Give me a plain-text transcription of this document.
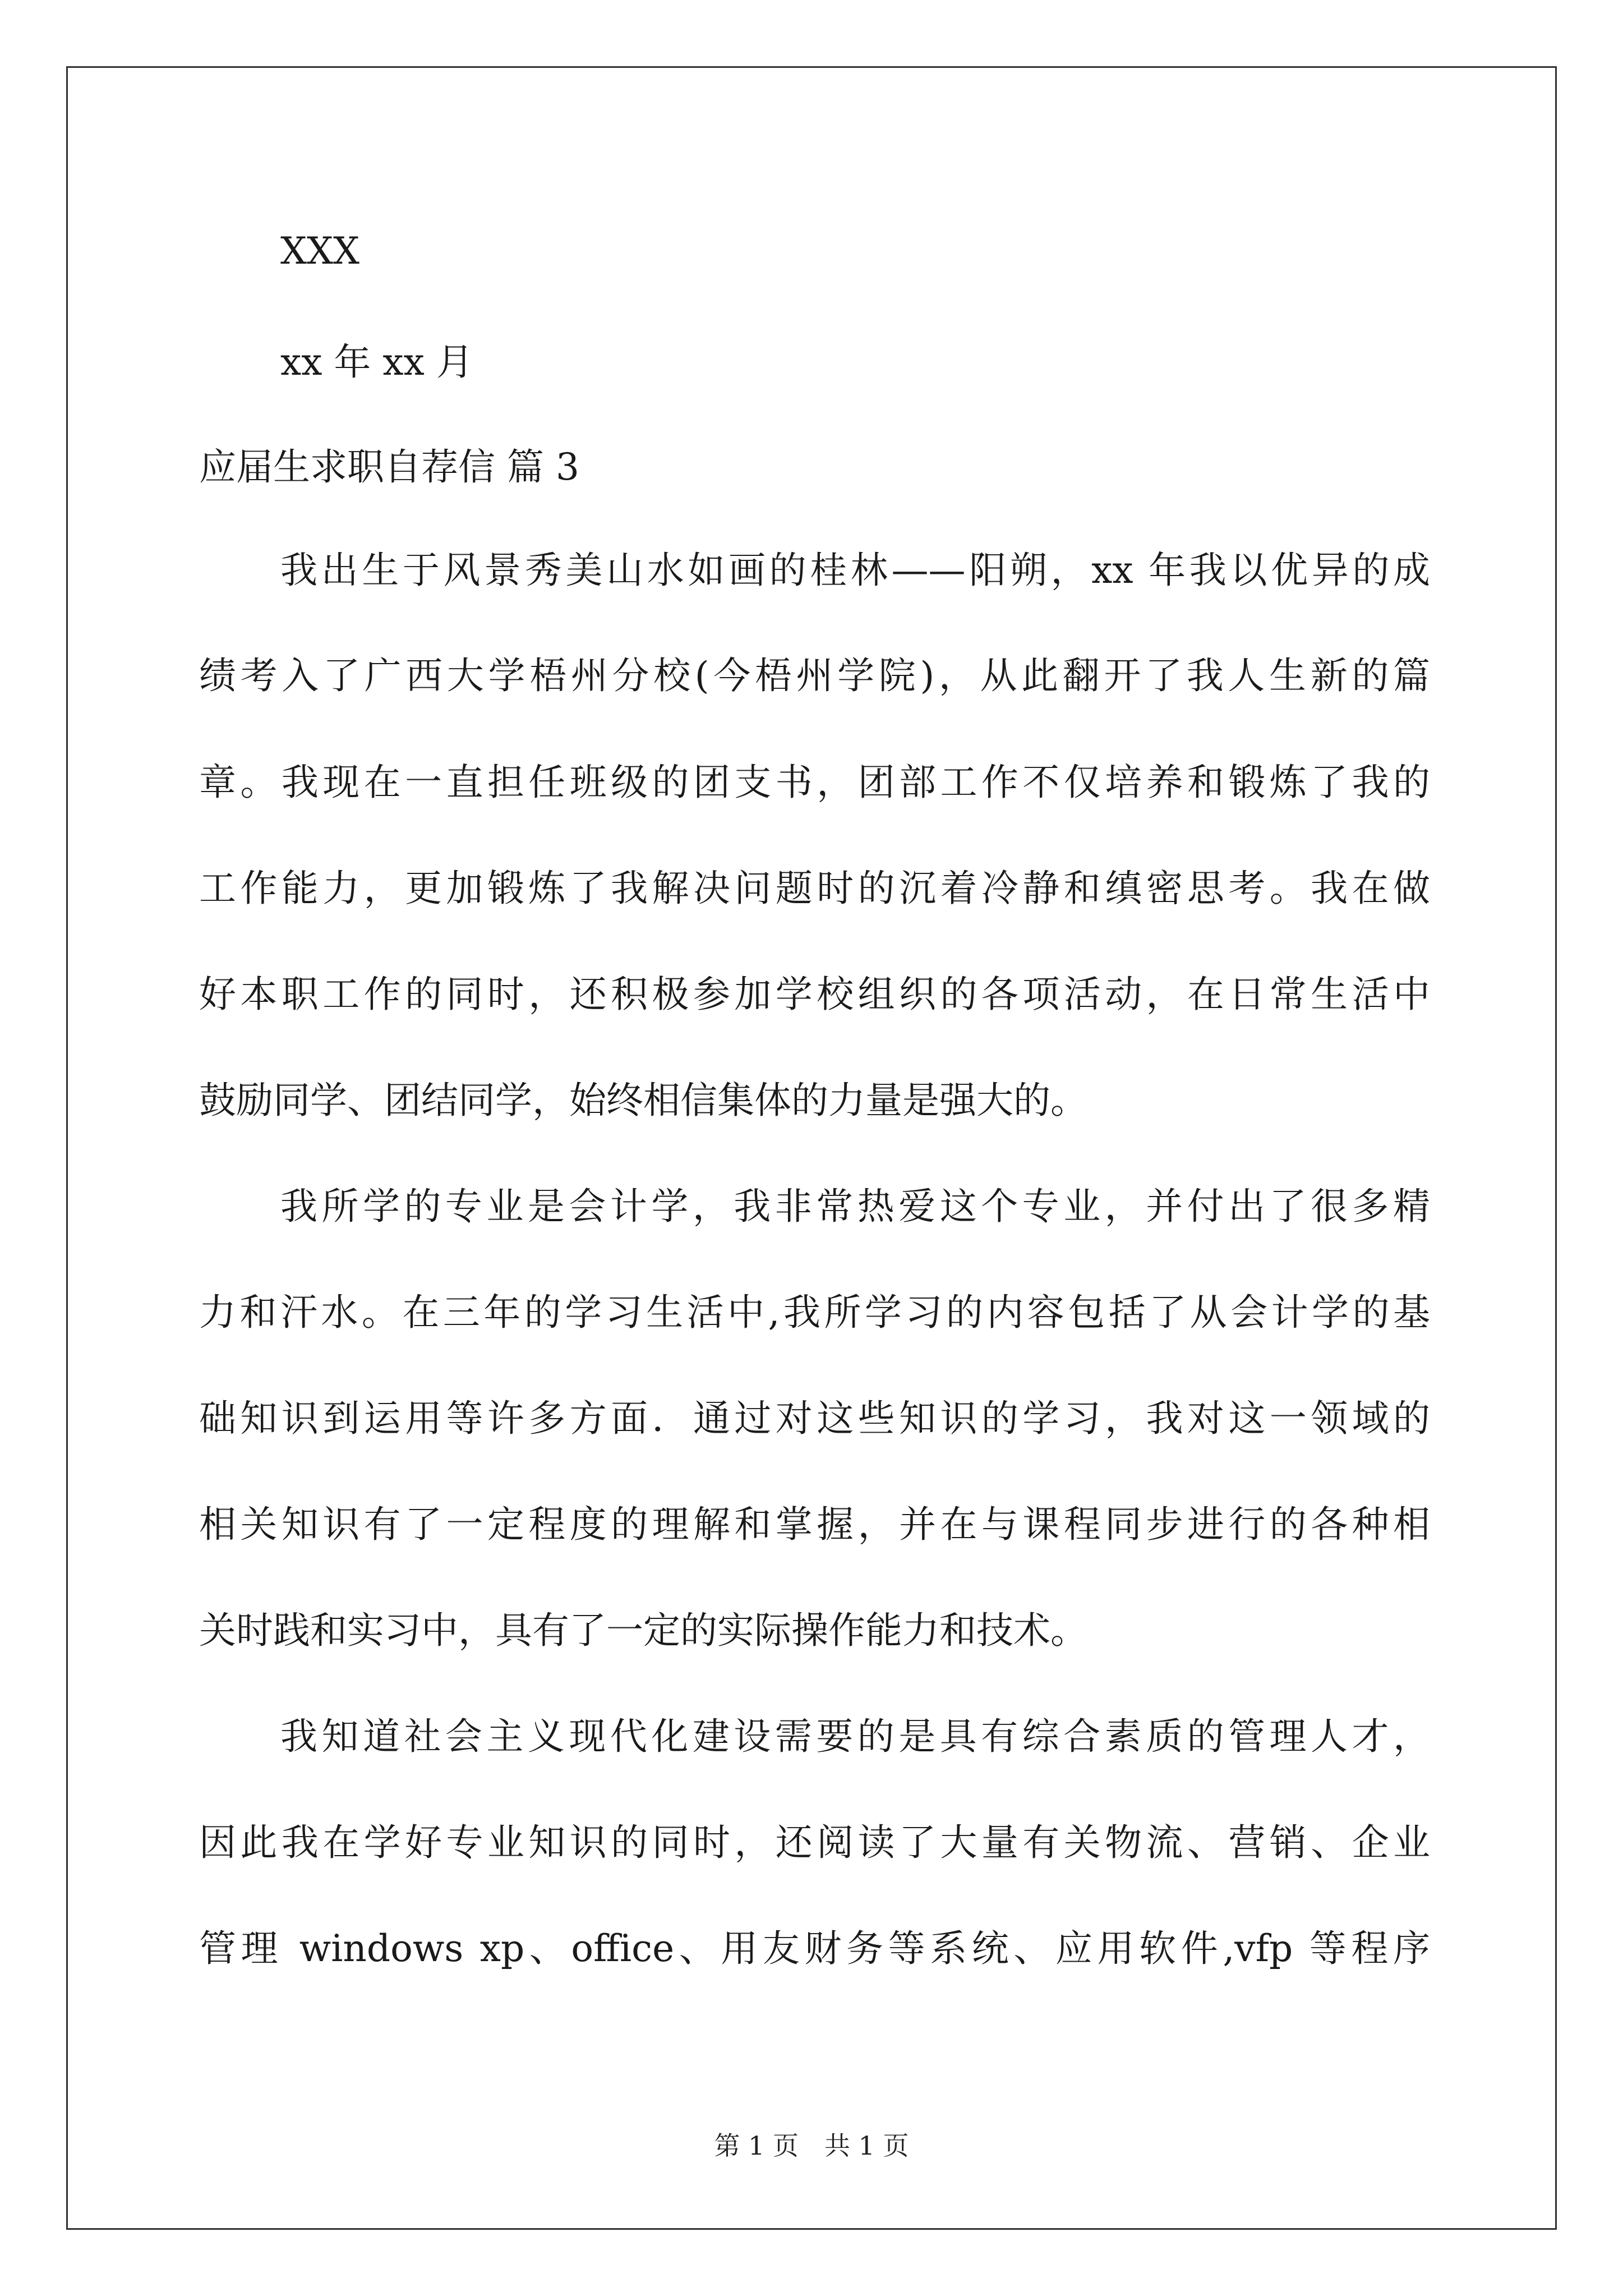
XXX
xx 年 xx 月
应届生求职自荐信 篇 3
我出生于风景秀美山水如画的桂林——阳朔，xx 年我以优异的成
绩考入了广西大学梧州分校(今梧州学院)，从此翻开了我人生新的篇
章。我现在一直担任班级的团支书，团部工作不仅培养和锻炼了我的
工作能力，更加锻炼了我解决问题时的沉着冷静和缜密思考。我在做
好本职工作的同时，还积极参加学校组织的各项活动，在日常生活中
鼓励同学、团结同学，始终相信集体的力量是强大的。
我所学的专业是会计学，我非常热爱这个专业，并付出了很多精
力和汗水。在三年的学习生活中,我所学习的内容包括了从会计学的基
础知识到运用等许多方面．通过对这些知识的学习，我对这一领域的
相关知识有了一定程度的理解和掌握，并在与课程同步进行的各种相
关时践和实习中，具有了一定的实际操作能力和技术。
我知道社会主义现代化建设需要的是具有综合素质的管理人才，
因此我在学好专业知识的同时，还阅读了大量有关物流、营销、企业
管理 windows xp、office、用友财务等系统、应用软件,vfp 等程序
第 1 页　共 1 页
